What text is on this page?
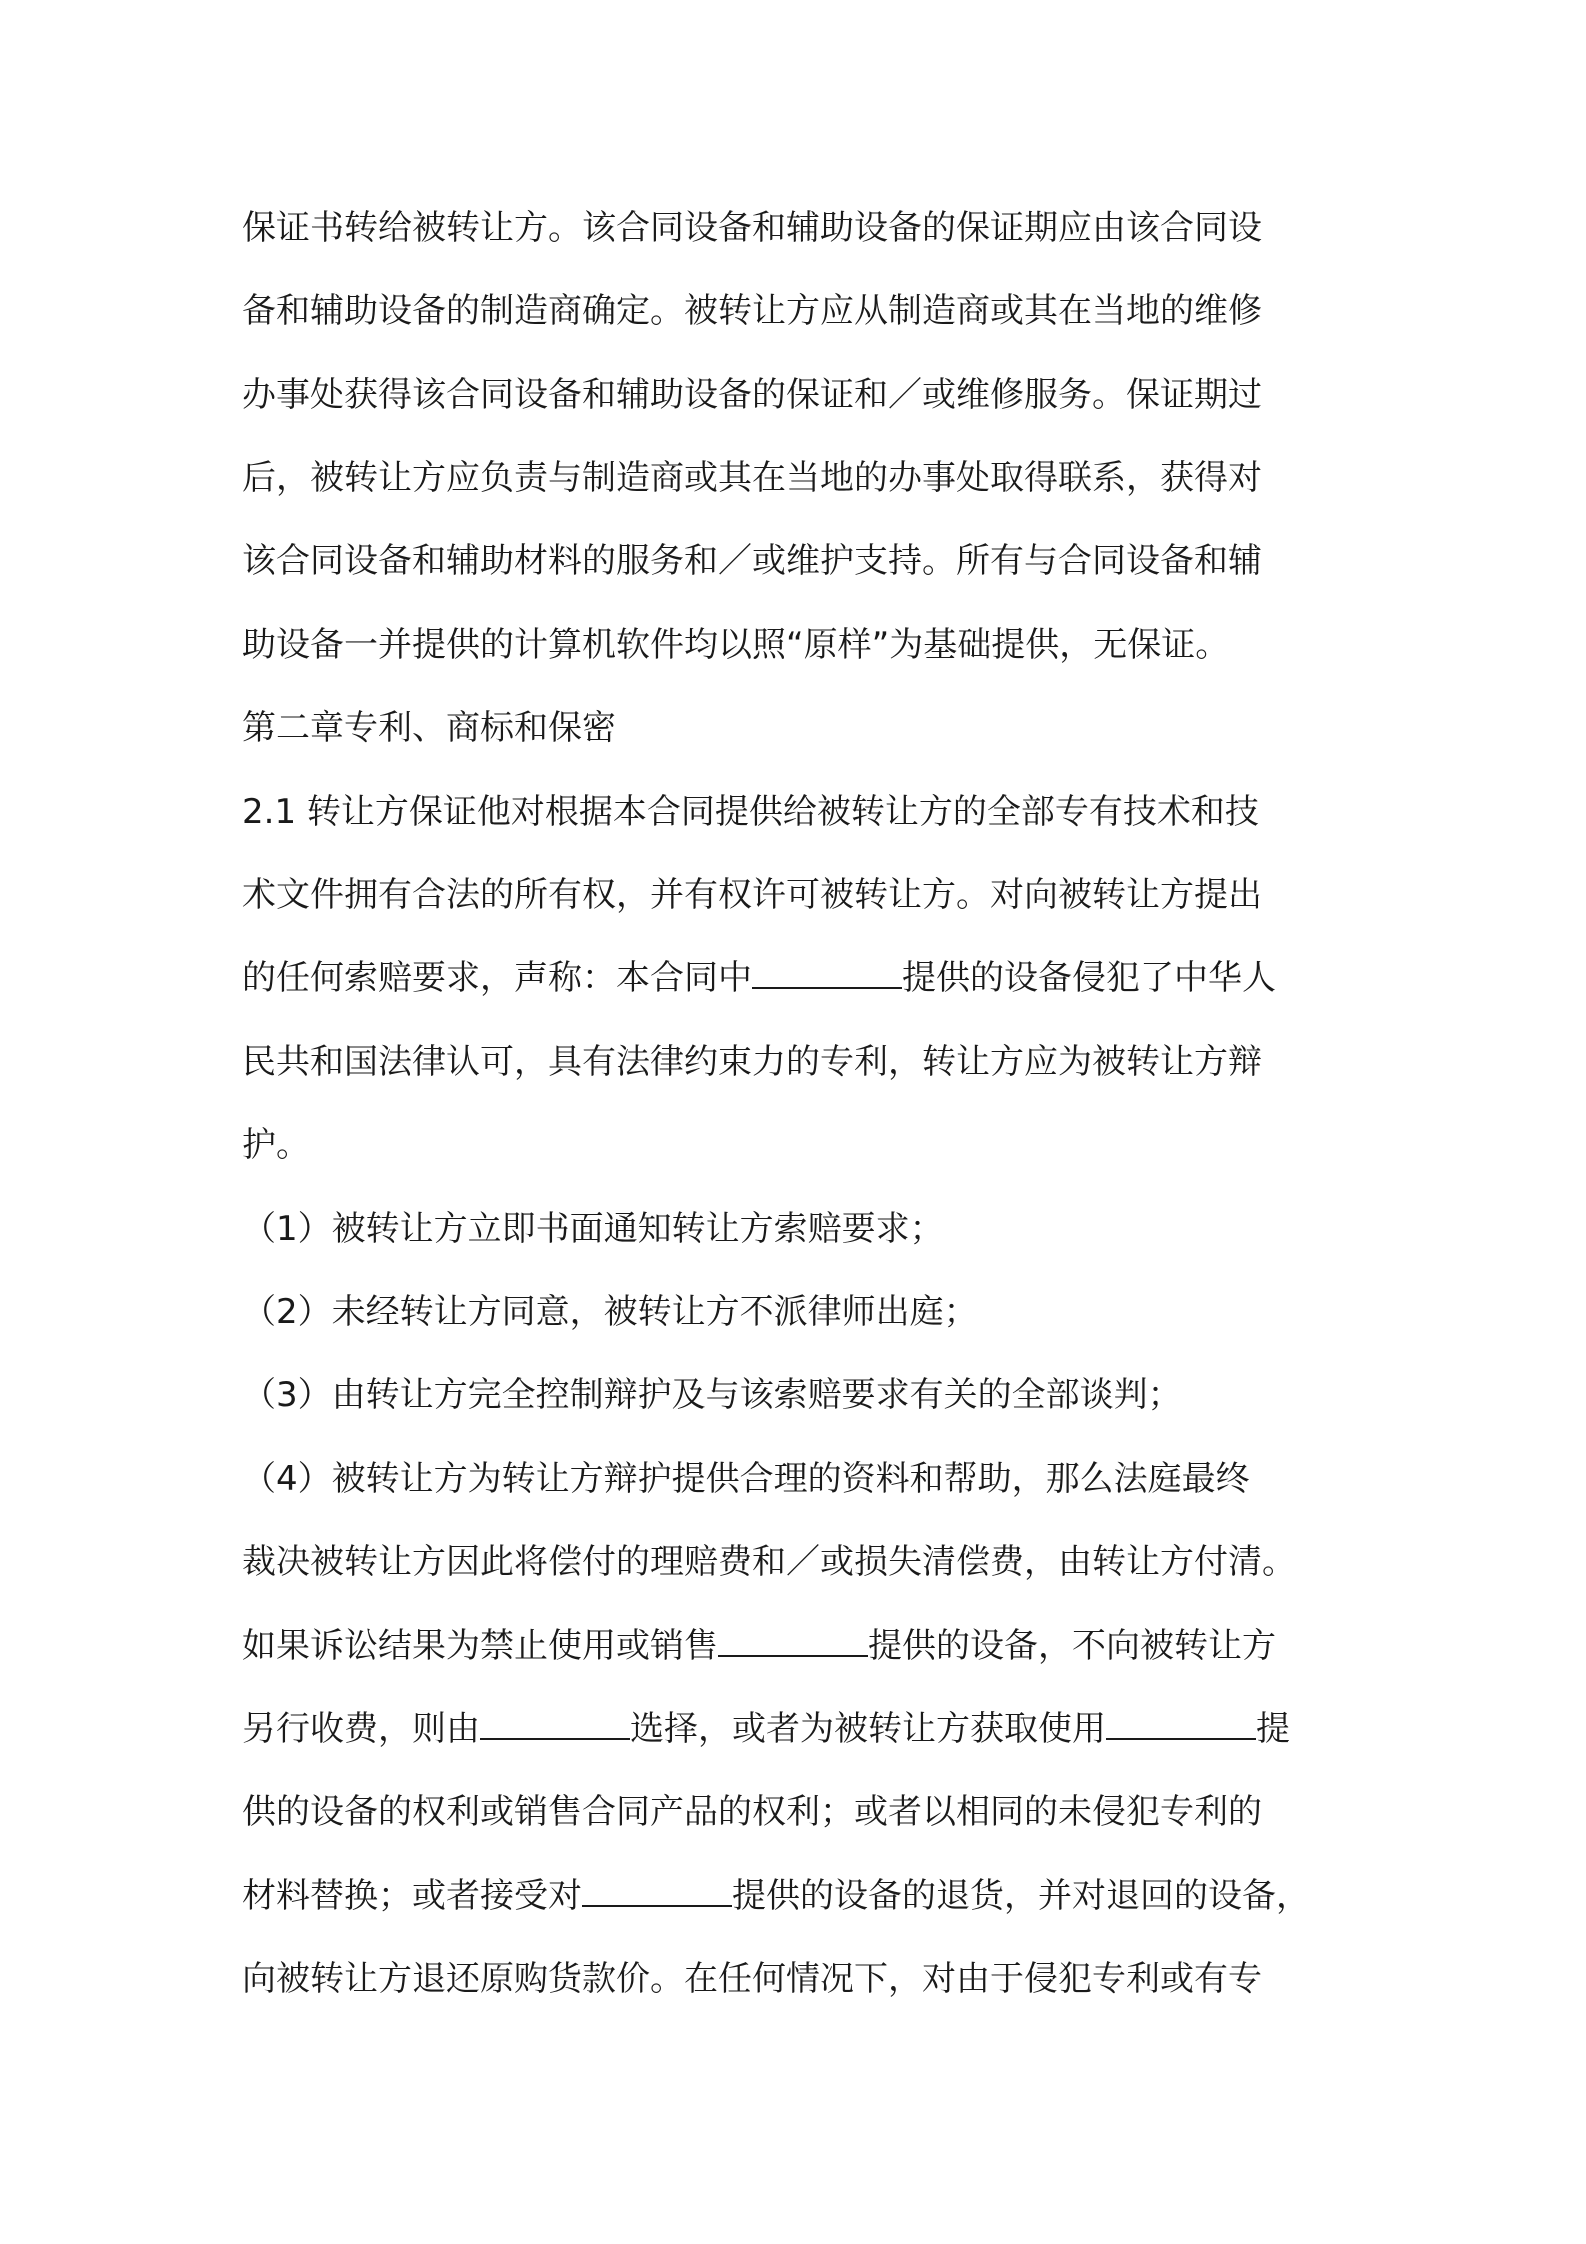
保证书转给被转让方。该合同设备和辅助设备的保证期应由该合同设
备和辅助设备的制造商确定。被转让方应从制造商或其在当地的维修
办事处获得该合同设备和辅助设备的保证和／或维修服务。保证期过
后，被转让方应负责与制造商或其在当地的办事处取得联系，获得对
该合同设备和辅助材料的服务和／或维护支持。所有与合同设备和辅
助设备一并提供的计算机软件均以照“原样”为基础提供，无保证。
第二章专利、商标和保密
2.1 转让方保证他对根据本合同提供给被转让方的全部专有技术和技
术文件拥有合法的所有权，并有权许可被转让方。对向被转让方提出
的任何索赔要求，声称：本合同中	提供的设备侵犯了中华人
民共和国法律认可，具有法律约束力的专利，转让方应为被转让方辩
护。
（1）被转让方立即书面通知转让方索赔要求；
（2）未经转让方同意，被转让方不派律师出庭；
（3）由转让方完全控制辩护及与该索赔要求有关的全部谈判；
（4）被转让方为转让方辩护提供合理的资料和帮助，那么法庭最终
裁决被转让方因此将偿付的理赔费和／或损失清偿费，由转让方付清。
如果诉讼结果为禁止使用或销售	提供的设备，不向被转让方
另行收费，则由	选择，或者为被转让方获取使用	提
供的设备的权利或销售合同产品的权利；或者以相同的未侵犯专利的
材料替换；或者接受对	提供的设备的退货，并对退回的设备，
向被转让方退还原购货款价。在任何情况下，对由于侵犯专利或有专
